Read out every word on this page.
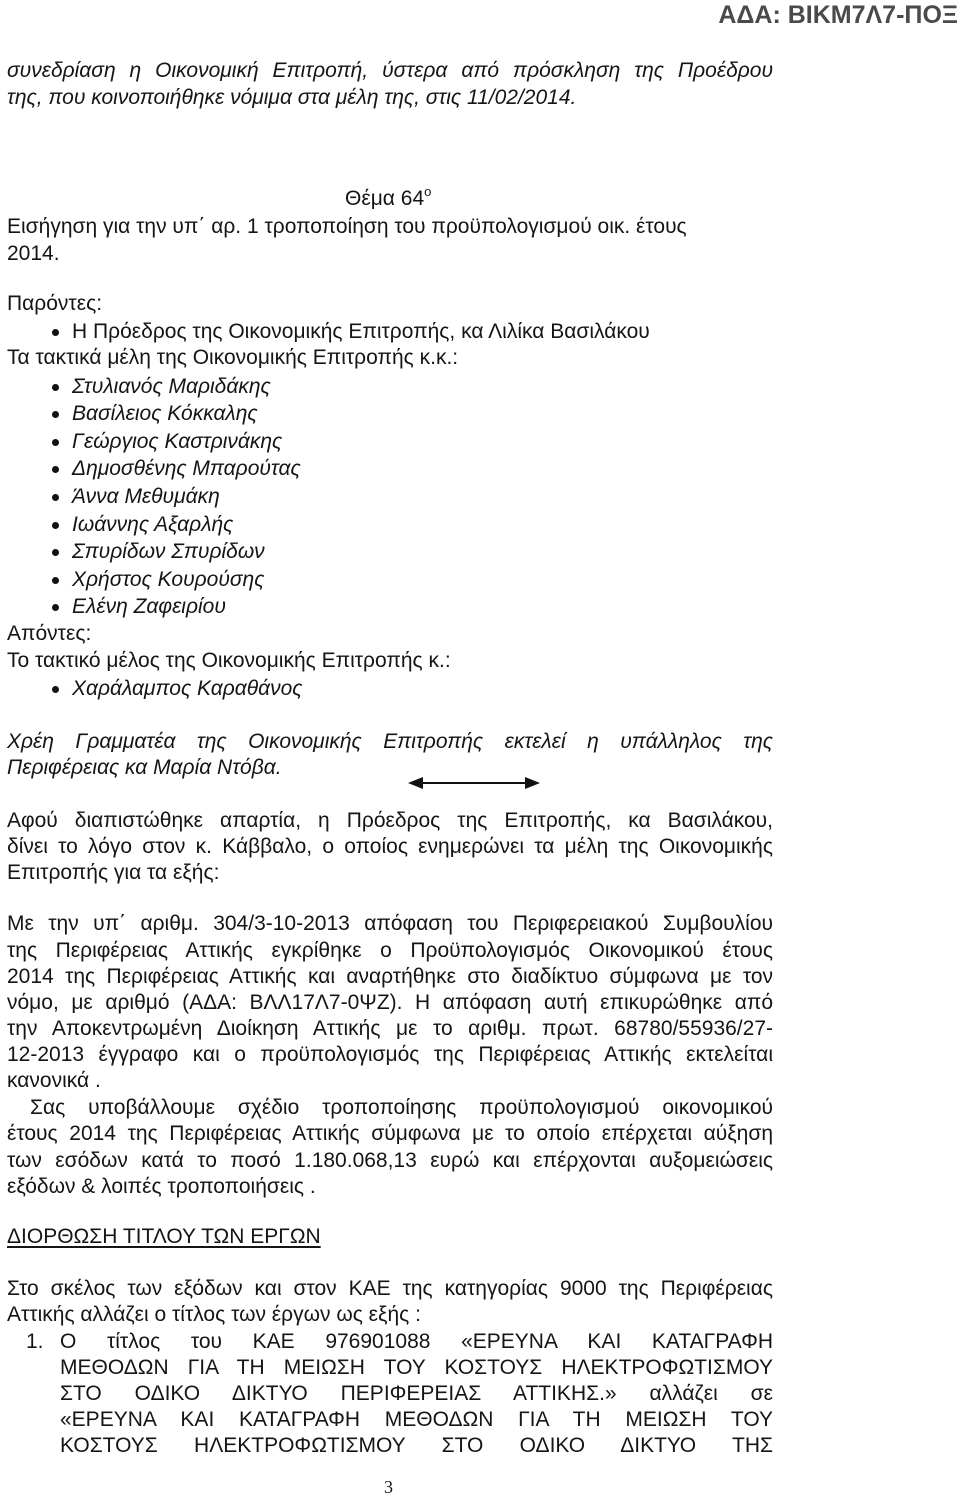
ΑΔΑ: ΒΙΚΜ7Λ7-ΠΟΞ
συνεδρίαση η Οικονομική Επιτροπή, ύστερα από πρόσκληση της Προέδρου
της, που κοινοποιήθηκε νόμιμα στα μέλη της, στις 11/02/2014.
Θέμα $64^o$
Εισήγηση για την υπ΄ αρ. 1 τροποποίηση του προϋπολογισμού οικ. έτους
2014.
Παρόντες:
Η Πρόεδρος της Οικονομικής Επιτροπής, κα Λιλίκα Βασιλάκου
Τα τακτικά μέλη της Οικονομικής Επιτροπής κ.κ.:
Στυλιανός Μαριδάκης
Βασίλειος Κόκκαλης
Γεώργιος Καστρινάκης
Δημοσθένης Μπαρούτας
Άννα Μεθυμάκη
Ιωάννης Αξαρλής
Σπυρίδων Σπυρίδων
Χρήστος Κουρούσης
Ελένη Ζαφειρίου
Απόντες:
Το τακτικό μέλος της Οικονομικής Επιτροπής κ.:
Χαράλαμπος Καραθάνος
Χρέη Γραμματέα της Οικονομικής Επιτροπής εκτελεί η υπάλληλος της
Περιφέρειας κα Μαρία Ντόβα.
Αφού διαπιστώθηκε απαρτία, η Πρόεδρος της Επιτροπής, κα Βασιλάκου,
δίνει το λόγο στον κ. Κάββαλο, ο οποίος ενημερώνει τα μέλη της Οικονομικής
Επιτροπής για τα εξής:
Με την υπ΄ αριθμ. 304/3-10-2013 απόφαση του Περιφερειακού Συμβουλίου
της Περιφέρειας Αττικής εγκρίθηκε ο Προϋπολογισμός Οικονομικού έτους
2014 της Περιφέρειας Αττικής και αναρτήθηκε στο διαδίκτυο σύμφωνα με τον
νόμο, με αριθμό (ΑΔΑ: ΒΛΛ17Λ7-0ΨΖ). Η απόφαση αυτή επικυρώθηκε από
την Αποκεντρωμένη Διοίκηση Αττικής με το αριθμ. πρωτ. 68780/55936/27-
12-2013 έγγραφο και ο προϋπολογισμός της Περιφέρειας Αττικής εκτελείται
κανονικά .
Σας υποβάλλουμε σχέδιο τροποποίησης προϋπολογισμού οικονομικού
έτους 2014 της Περιφέρειας Αττικής σύμφωνα με το οποίο επέρχεται αύξηση
των εσόδων κατά το ποσό 1.180.068,13 ευρώ και επέρχονται αυξομειώσεις
εξόδων & λοιπές τροποποιήσεις .
ΔΙΟΡΘΩΣΗ ΤΙΤΛΟΥ ΤΩΝ ΕΡΓΩΝ
Στο σκέλος των εξόδων και στον ΚΑΕ της κατηγορίας 9000 της Περιφέρειας
Αττικής αλλάζει ο τίτλος των έργων ως εξής :
1. Ο τίτλος του ΚΑΕ 976901088 «ΕΡΕΥΝΑ ΚΑΙ ΚΑΤΑΓΡΑΦΗ
ΜΕΘΟΔΩΝ ΓΙΑ ΤΗ ΜΕΙΩΣΗ ΤΟΥ ΚΟΣΤΟΥΣ ΗΛΕΚΤΡΟΦΩΤΙΣΜΟΥ
ΣΤΟ ΟΔΙΚΟ ΔΙΚΤΥΟ ΠΕΡΙΦΕΡΕΙΑΣ ΑΤΤΙΚΗΣ.» αλλάζει σε
«ΕΡΕΥΝΑ ΚΑΙ ΚΑΤΑΓΡΑΦΗ ΜΕΘΟΔΩΝ ΓΙΑ ΤΗ ΜΕΙΩΣΗ ΤΟΥ
ΚΟΣΤΟΥΣ ΗΛΕΚΤΡΟΦΩΤΙΣΜΟΥ ΣΤΟ ΟΔΙΚΟ ΔΙΚΤΥΟ ΤΗΣ
3
